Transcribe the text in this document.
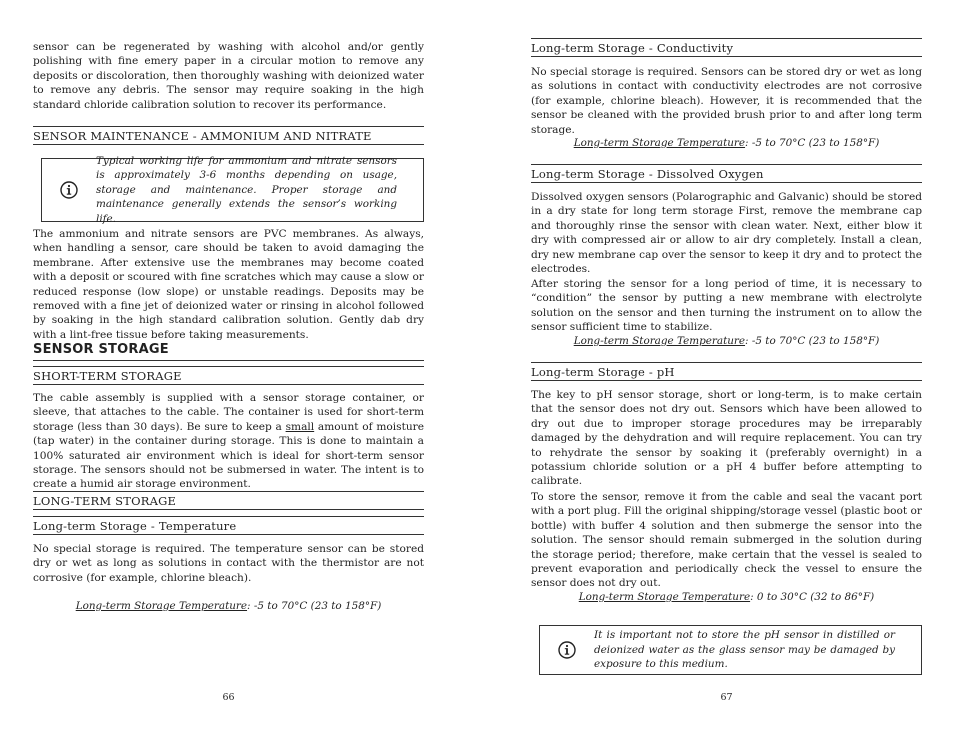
sensor can be regenerated by washing with alcohol and/or gently polishing with fine emery paper in a circular motion to remove any deposits or discoloration, then thoroughly washing with deionized water to remove any debris. The sensor may require soaking in the high standard chloride calibration solution to recover its performance.

SENSOR MAINTENANCE - AMMONIUM AND NITRATE
Typical working life for ammonium and nitrate sensors is approximately 3-6 months depending on usage, storage and maintenance. Proper storage and maintenance generally extends the sensor’s working life.

The ammonium and nitrate sensors are PVC membranes. As always, when handling a sensor, care should be taken to avoid damaging the membrane. After extensive use the membranes may become coated with a deposit or scoured with fine scratches which may cause a slow or reduced response (low slope) or unstable readings. Deposits may be removed with a fine jet of deionized water or rinsing in alcohol followed by soaking in the high standard calibration solution. Gently dab dry with a lint-free tissue before taking measurements.

SENSOR STORAGE
SHORT-TERM STORAGE

The cable assembly is supplied with a sensor storage container, or sleeve, that attaches to the cable. The container is used for short-term storage (less than 30 days). Be sure to keep a small amount of moisture (tap water) in the container during storage. This is done to maintain a 100% saturated air environment which is ideal for short-term sensor storage. The sensors should not be submersed in water. The intent is to create a humid air storage environment.

LONG-TERM STORAGE
Long-term Storage - Temperature

No special storage is required. The temperature sensor can be stored dry or wet as long as solutions in contact with the thermistor are not corrosive (for example, chlorine bleach).

Long-term Storage Temperature: -5 to 70°C (23 to 158°F)
66
Long-term Storage - Conductivity

No special storage is required. Sensors can be stored dry or wet as long as solutions in contact with conductivity electrodes are not corrosive (for example, chlorine bleach). However, it is recommended that the sensor be cleaned with the provided brush prior to and after long term storage.

Long-term Storage Temperature: -5 to 70°C (23 to 158°F)
Long-term Storage - Dissolved Oxygen

Dissolved oxygen sensors (Polarographic and Galvanic) should be stored in a dry state for long term storage First, remove the membrane cap and thoroughly rinse the sensor with clean water. Next, either blow it dry with compressed air or allow to air dry completely. Install a clean, dry new membrane cap over the sensor to keep it dry and to protect the electrodes.

After storing the sensor for a long period of time, it is necessary to “condition” the sensor by putting a new membrane with electrolyte solution on the sensor and then turning the instrument on to allow the sensor sufficient time to stabilize.

Long-term Storage Temperature: -5 to 70°C (23 to 158°F)
Long-term Storage - pH

The key to pH sensor storage, short or long-term, is to make certain that the sensor does not dry out. Sensors which have been allowed to dry out due to improper storage procedures may be irreparably damaged by the dehydration and will require replacement. You can try to rehydrate the sensor by soaking it (preferably overnight) in a potassium chloride solution or a pH 4 buffer before attempting to calibrate.

To store the sensor, remove it from the cable and seal the vacant port with a port plug. Fill the original shipping/storage vessel (plastic boot or bottle) with buffer 4 solution and then submerge the sensor into the solution. The sensor should remain submerged in the solution during the storage period; therefore, make certain that the vessel is sealed to prevent evaporation and periodically check the vessel to ensure the sensor does not dry out.

Long-term Storage Temperature: 0 to 30°C (32 to 86°F)
It is important not to store the pH sensor in distilled or deionized water as the glass sensor may be damaged by exposure to this medium.
67
